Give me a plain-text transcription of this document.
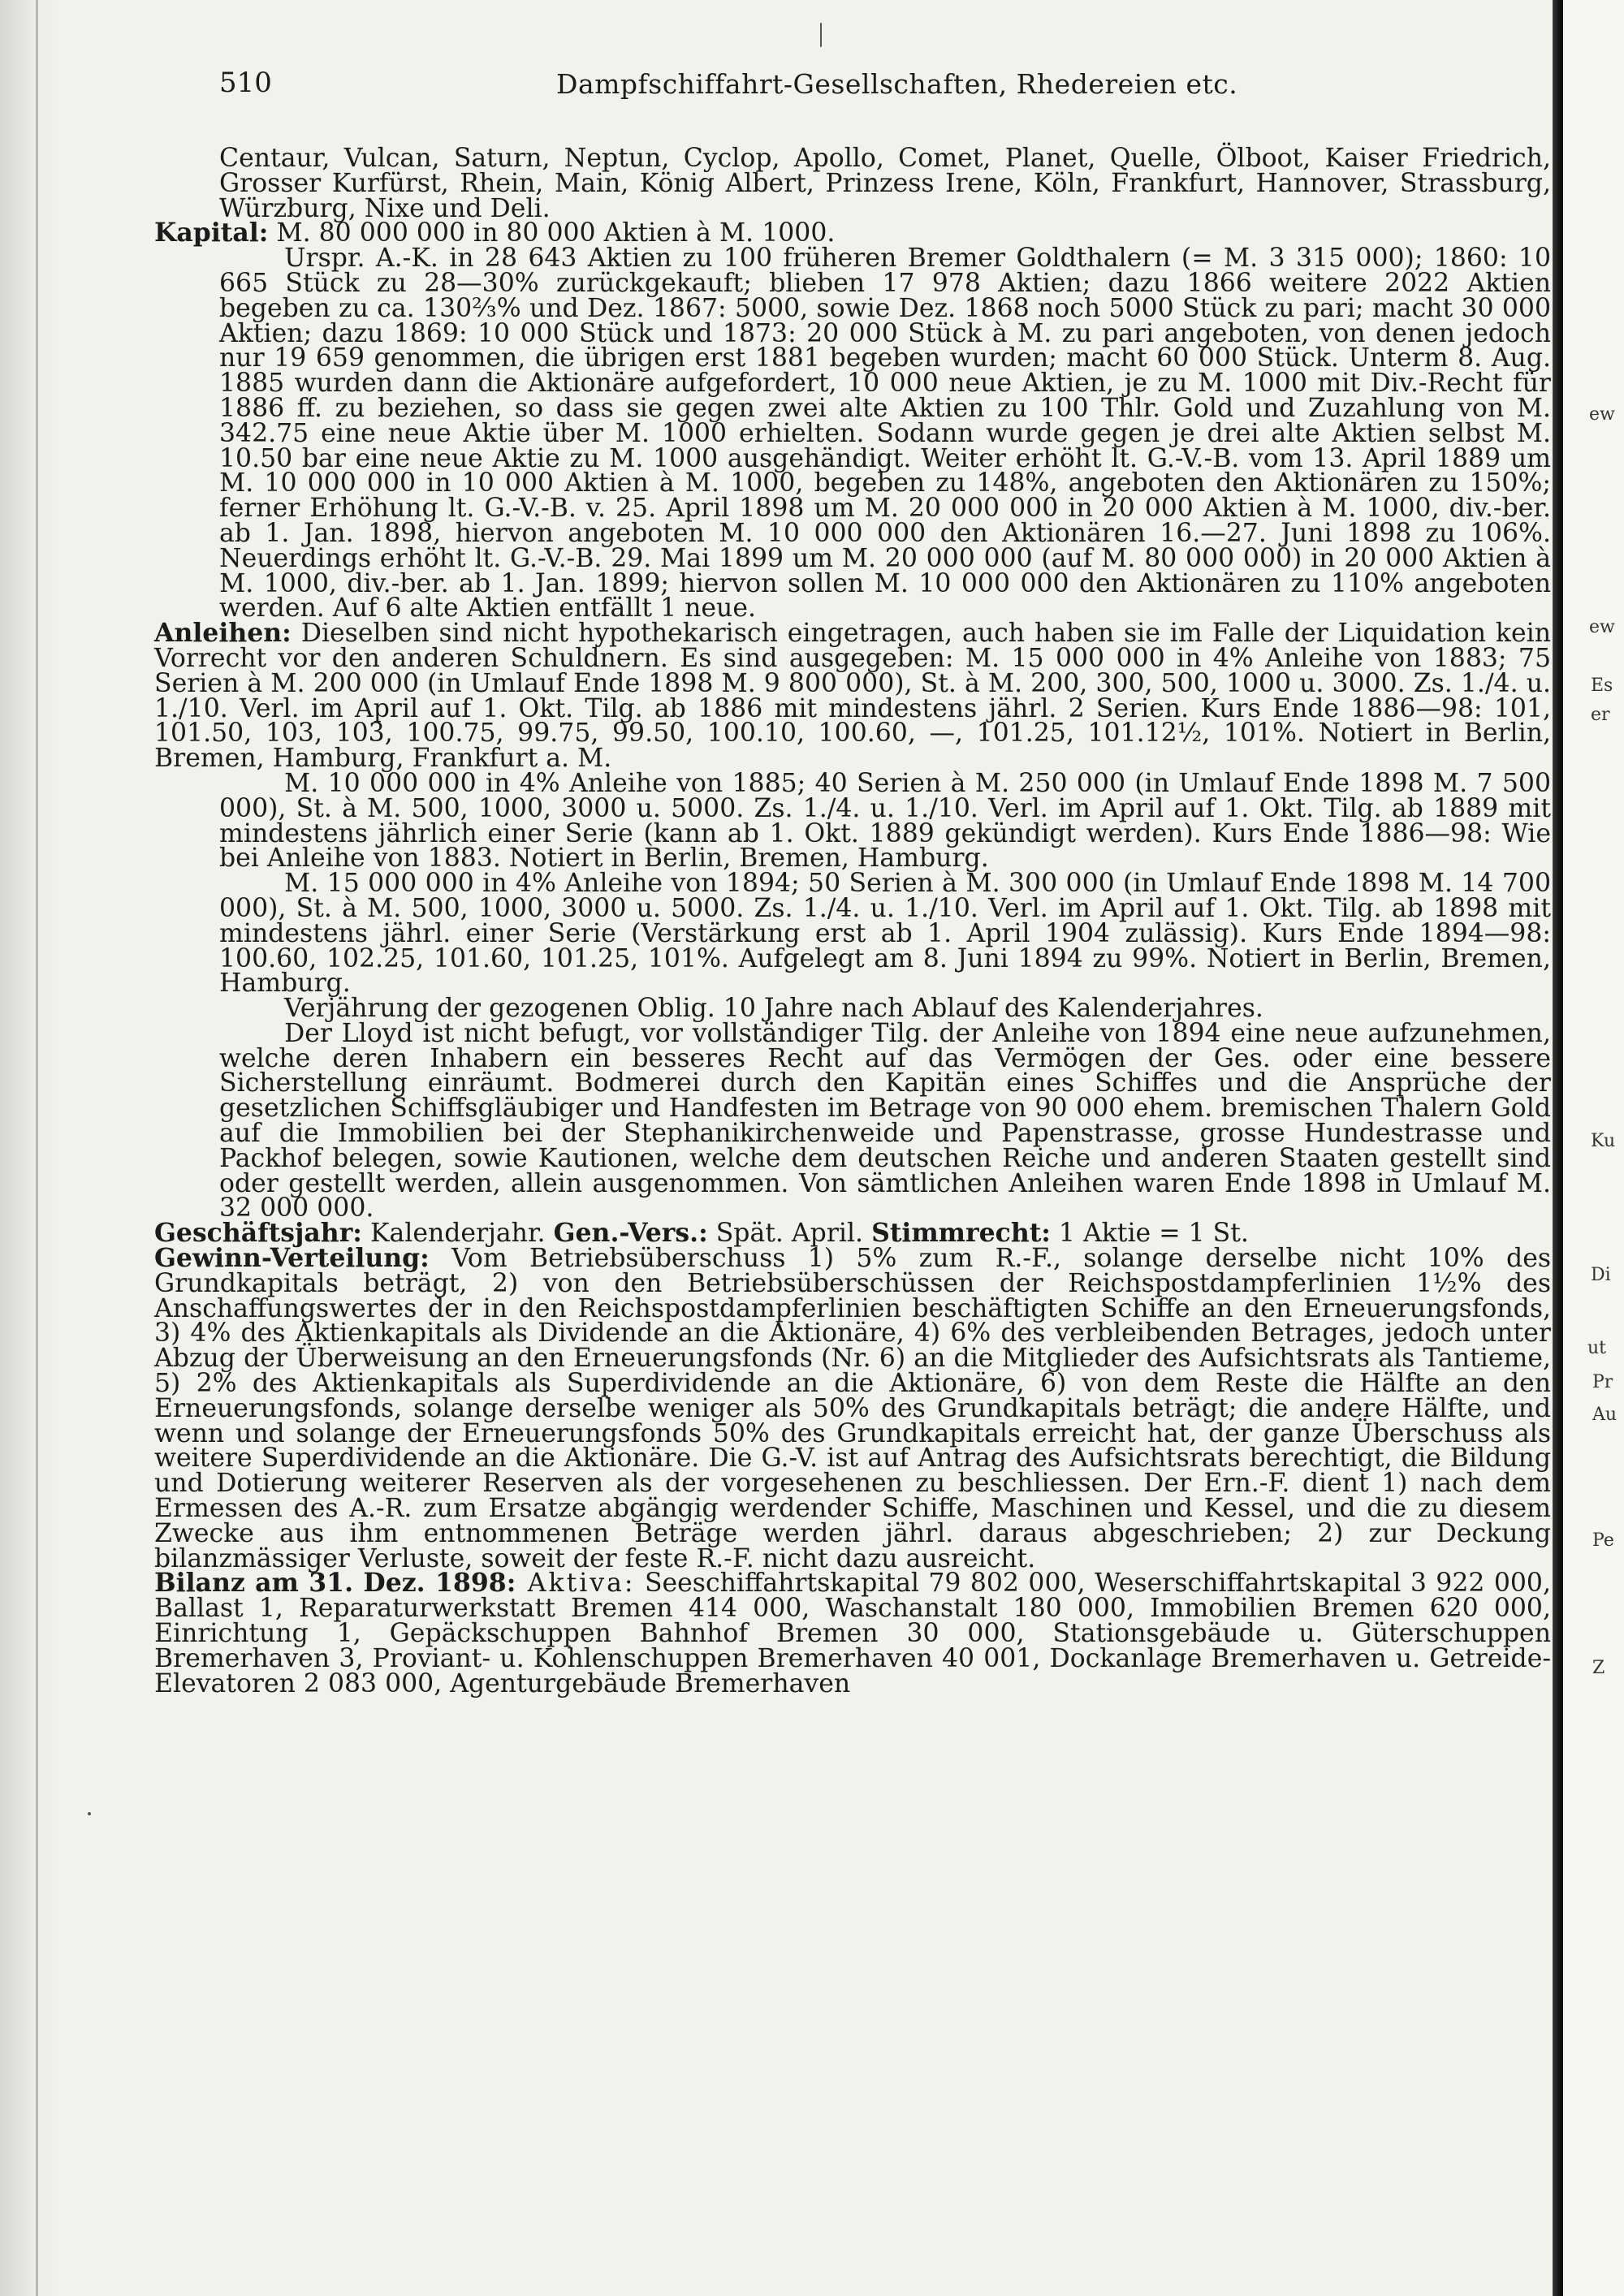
ew
ew
Es
er
Ku
Di
ut
Pr
Au
Pe
Z
510	Dampfschiffahrt-Gesellschaften, Rhedereien etc.

Centaur, Vulcan, Saturn, Neptun, Cyclop, Apollo, Comet, Planet, Quelle, Ölboot, Kaiser Friedrich, Grosser Kurfürst, Rhein, Main, König Albert, Prinzess Irene, Köln, Frankfurt, Hannover, Strassburg, Würzburg, Nixe und Deli.

Kapital: M. 80 000 000 in 80 000 Aktien à M. 1000.

Urspr. A.-K. in 28 643 Aktien zu 100 früheren Bremer Goldthalern (= M. 3 315 000); 1860: 10 665 Stück zu 28—30% zurückgekauft; blieben 17 978 Aktien; dazu 1866 weitere 2022 Aktien begeben zu ca. 130⅔% und Dez. 1867: 5000, sowie Dez. 1868 noch 5000 Stück zu pari; macht 30 000 Aktien; dazu 1869: 10 000 Stück und 1873: 20 000 Stück à M. zu pari angeboten, von denen jedoch nur 19 659 genommen, die übrigen erst 1881 begeben wurden; macht 60 000 Stück. Unterm 8. Aug. 1885 wurden dann die Aktionäre aufgefordert, 10 000 neue Aktien, je zu M. 1000 mit Div.-Recht für 1886 ff. zu beziehen, so dass sie gegen zwei alte Aktien zu 100 Thlr. Gold und Zuzahlung von M. 342.75 eine neue Aktie über M. 1000 erhielten. Sodann wurde gegen je drei alte Aktien selbst M. 10.50 bar eine neue Aktie zu M. 1000 ausgehändigt. Weiter erhöht lt. G.-V.-B. vom 13. April 1889 um M. 10 000 000 in 10 000 Aktien à M. 1000, begeben zu 148%, angeboten den Aktionären zu 150%; ferner Erhöhung lt. G.-V.-B. v. 25. April 1898 um M. 20 000 000 in 20 000 Aktien à M. 1000, div.-ber. ab 1. Jan. 1898, hiervon angeboten M. 10 000 000 den Aktionären 16.—27. Juni 1898 zu 106%. Neuerdings erhöht lt. G.-V.-B. 29. Mai 1899 um M. 20 000 000 (auf M. 80 000 000) in 20 000 Aktien à M. 1000, div.-ber. ab 1. Jan. 1899; hiervon sollen M. 10 000 000 den Aktionären zu 110% angeboten werden. Auf 6 alte Aktien entfällt 1 neue.

Anleihen: Dieselben sind nicht hypothekarisch eingetragen, auch haben sie im Falle der Liquidation kein Vorrecht vor den anderen Schuldnern. Es sind ausgegeben: M. 15 000 000 in 4% Anleihe von 1883; 75 Serien à M. 200 000 (in Umlauf Ende 1898 M. 9 800 000), St. à M. 200, 300, 500, 1000 u. 3000. Zs. 1./4. u. 1./10. Verl. im April auf 1. Okt. Tilg. ab 1886 mit mindestens jährl. 2 Serien. Kurs Ende 1886—98: 101, 101.50, 103, 103, 100.75, 99.75, 99.50, 100.10, 100.60, —, 101.25, 101.12½, 101%. Notiert in Berlin, Bremen, Hamburg, Frankfurt a. M.

M. 10 000 000 in 4% Anleihe von 1885; 40 Serien à M. 250 000 (in Umlauf Ende 1898 M. 7 500 000), St. à M. 500, 1000, 3000 u. 5000. Zs. 1./4. u. 1./10. Verl. im April auf 1. Okt. Tilg. ab 1889 mit mindestens jährlich einer Serie (kann ab 1. Okt. 1889 gekündigt werden). Kurs Ende 1886—98: Wie bei Anleihe von 1883. Notiert in Berlin, Bremen, Hamburg.

M. 15 000 000 in 4% Anleihe von 1894; 50 Serien à M. 300 000 (in Umlauf Ende 1898 M. 14 700 000), St. à M. 500, 1000, 3000 u. 5000. Zs. 1./4. u. 1./10. Verl. im April auf 1. Okt. Tilg. ab 1898 mit mindestens jährl. einer Serie (Verstärkung erst ab 1. April 1904 zulässig). Kurs Ende 1894—98: 100.60, 102.25, 101.60, 101.25, 101%. Aufgelegt am 8. Juni 1894 zu 99%. Notiert in Berlin, Bremen, Hamburg.

Verjährung der gezogenen Oblig. 10 Jahre nach Ablauf des Kalenderjahres.

Der Lloyd ist nicht befugt, vor vollständiger Tilg. der Anleihe von 1894 eine neue aufzunehmen, welche deren Inhabern ein besseres Recht auf das Vermögen der Ges. oder eine bessere Sicherstellung einräumt. Bodmerei durch den Kapitän eines Schiffes und die Ansprüche der gesetzlichen Schiffsgläubiger und Handfesten im Betrage von 90 000 ehem. bremischen Thalern Gold auf die Immobilien bei der Stephanikirchenweide und Papenstrasse, grosse Hundestrasse und Packhof belegen, sowie Kautionen, welche dem deutschen Reiche und anderen Staaten gestellt sind oder gestellt werden, allein ausgenommen. Von sämtlichen Anleihen waren Ende 1898 in Umlauf M. 32 000 000.

Geschäftsjahr: Kalenderjahr. Gen.-Vers.: Spät. April. Stimmrecht: 1 Aktie = 1 St.

Gewinn-Verteilung: Vom Betriebsüberschuss 1) 5% zum R.-F., solange derselbe nicht 10% des Grundkapitals beträgt, 2) von den Betriebsüberschüssen der Reichspostdampferlinien 1½% des Anschaffungswertes der in den Reichspostdampferlinien beschäftigten Schiffe an den Erneuerungsfonds, 3) 4% des Aktienkapitals als Dividende an die Aktionäre, 4) 6% des verbleibenden Betrages, jedoch unter Abzug der Überweisung an den Erneuerungsfonds (Nr. 6) an die Mitglieder des Aufsichtsrats als Tantieme, 5) 2% des Aktienkapitals als Superdividende an die Aktionäre, 6) von dem Reste die Hälfte an den Erneuerungsfonds, solange derselbe weniger als 50% des Grundkapitals beträgt; die andere Hälfte, und wenn und solange der Erneuerungsfonds 50% des Grundkapitals erreicht hat, der ganze Überschuss als weitere Superdividende an die Aktionäre. Die G.-V. ist auf Antrag des Aufsichtsrats berechtigt, die Bildung und Dotierung weiterer Reserven als der vorgesehenen zu beschliessen. Der Ern.-F. dient 1) nach dem Ermessen des A.-R. zum Ersatze abgängig werdender Schiffe, Maschinen und Kessel, und die zu diesem Zwecke aus ihm entnommenen Beträge werden jährl. daraus abgeschrieben; 2) zur Deckung bilanzmässiger Verluste, soweit der feste R.-F. nicht dazu ausreicht.

Bilanz am 31. Dez. 1898: Aktiva: Seeschiffahrtskapital 79 802 000, Weserschiffahrtskapital 3 922 000, Ballast 1, Reparaturwerkstatt Bremen 414 000, Waschanstalt 180 000, Immobilien Bremen 620 000, Einrichtung 1, Gepäckschuppen Bahnhof Bremen 30 000, Stationsgebäude u. Güterschuppen Bremerhaven 3, Proviant- u. Kohlenschuppen Bremerhaven 40 001, Dockanlage Bremerhaven u. Getreide-Elevatoren 2 083 000, Agenturgebäude Bremerhaven
